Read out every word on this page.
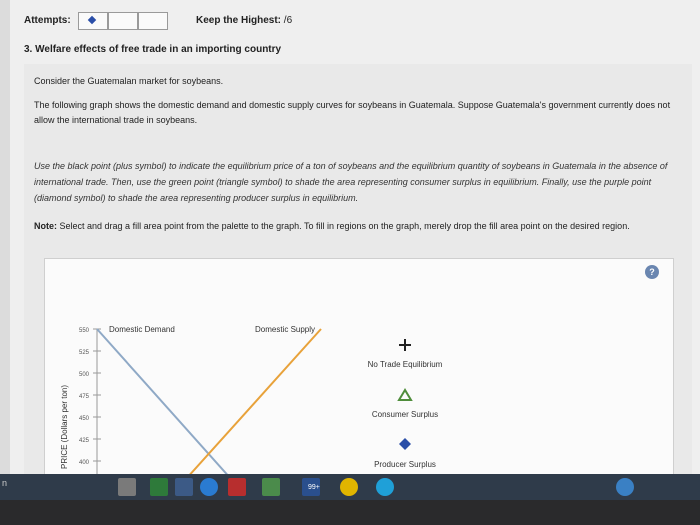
Attempts:	Keep the Highest: /6
3. Welfare effects of free trade in an importing country
Consider the Guatemalan market for soybeans.
The following graph shows the domestic demand and domestic supply curves for soybeans in Guatemala. Suppose Guatemala's government currently does not allow the international trade in soybeans.
Use the black point (plus symbol) to indicate the equilibrium price of a ton of soybeans and the equilibrium quantity of soybeans in Guatemala in the absence of international trade. Then, use the green point (triangle symbol) to shade the area representing consumer surplus in equilibrium. Finally, use the purple point (diamond symbol) to shade the area representing producer surplus in equilibrium.
Note: Select and drag a fill area point from the palette to the graph. To fill in regions on the graph, merely drop the fill area point on the desired region.
?
550
525
500
475
450
425
400
PRICE (Dollars per ton)
Domestic Demand	Domestic Supply
No Trade Equilibrium
Consumer Surplus
Producer Surplus
n	99+
